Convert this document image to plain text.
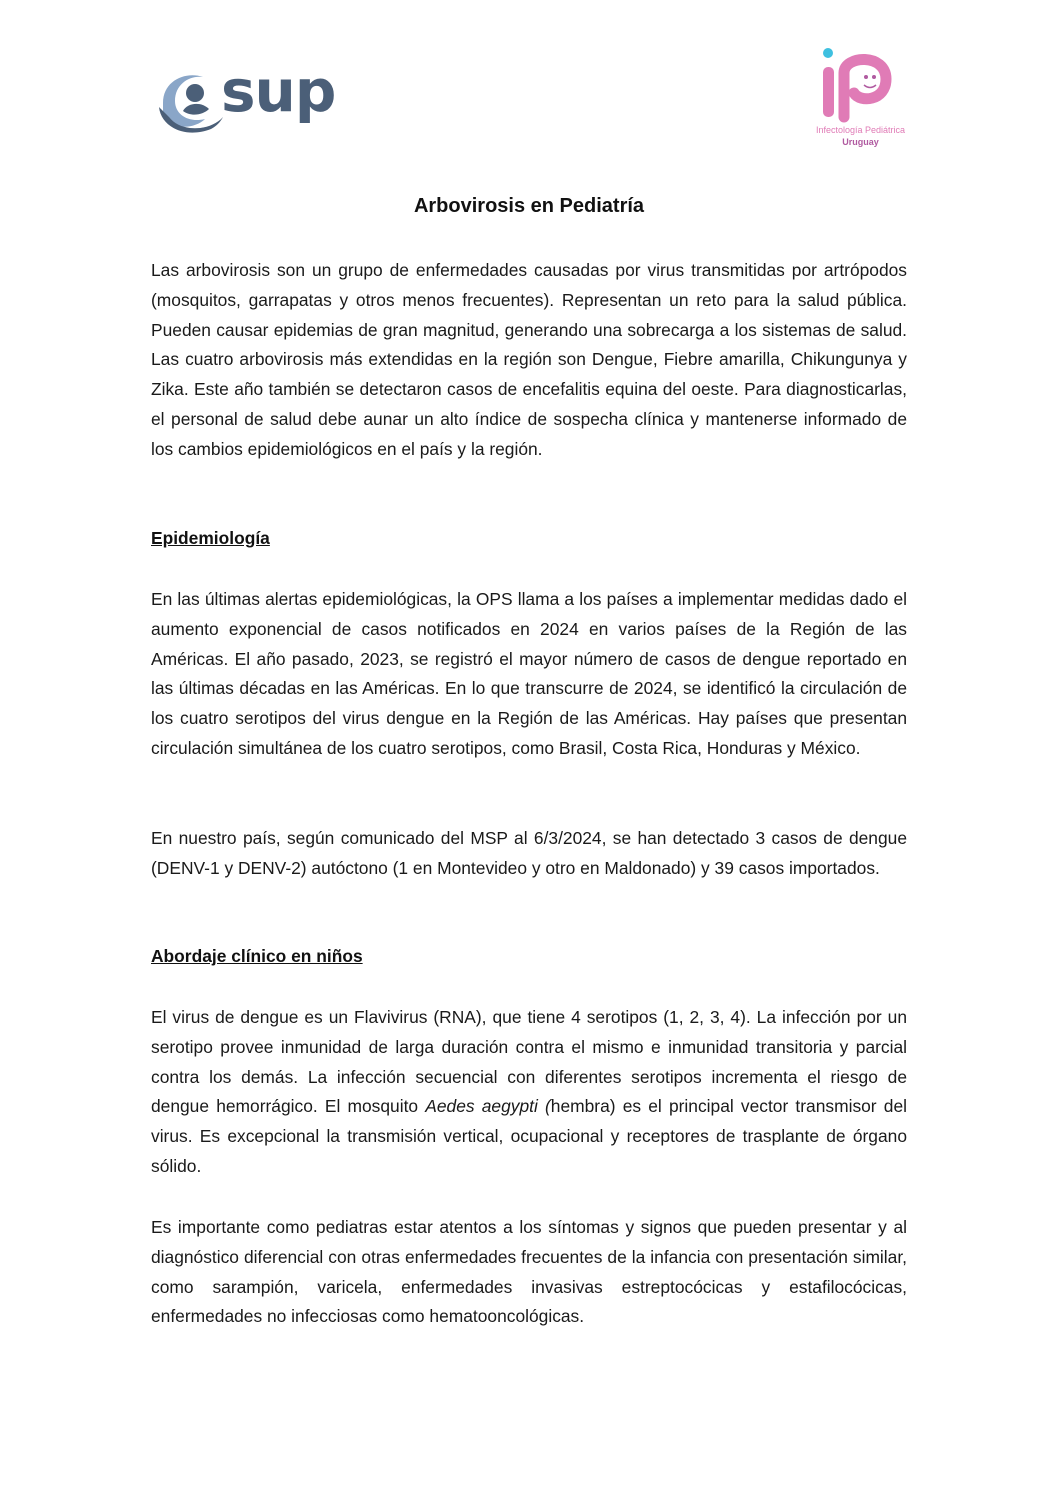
sup
Infectología Pediátrica
Uruguay
Arbovirosis en Pediatría
Las arbovirosis son un grupo de enfermedades causadas por virus transmitidas por artrópodos (mosquitos, garrapatas y otros menos frecuentes). Representan un reto para la salud pública. Pueden causar epidemias de gran magnitud, generando una sobrecarga a los sistemas de salud. Las cuatro arbovirosis más extendidas en la región son Dengue, Fiebre amarilla, Chikungunya y Zika. Este año también se detectaron casos de encefalitis equina del oeste. Para diagnosticarlas, el personal de salud debe aunar un alto índice de sospecha clínica y mantenerse informado de los cambios epidemiológicos en el país y la región.
Epidemiología
En las últimas alertas epidemiológicas, la OPS llama a los países a implementar medidas dado el aumento exponencial de casos notificados en 2024 en varios países de la Región de las Américas. El año pasado, 2023, se registró el mayor número de casos de dengue reportado en las últimas décadas en las Américas. En lo que transcurre de 2024, se identificó la circulación de los cuatro serotipos del virus dengue en la Región de las Américas. Hay países que presentan circulación simultánea de los cuatro serotipos, como Brasil, Costa Rica, Honduras y México.
En nuestro país, según comunicado del MSP al 6/3/2024, se han detectado 3 casos de dengue (DENV-1 y DENV-2) autóctono (1 en Montevideo y otro en Maldonado) y 39 casos importados.
Abordaje clínico en niños
El virus de dengue es un Flavivirus (RNA), que tiene 4 serotipos (1, 2, 3, 4). La infección por un serotipo provee inmunidad de larga duración contra el mismo e inmunidad transitoria y parcial contra los demás. La infección secuencial con diferentes serotipos incrementa el riesgo de dengue hemorrágico. El mosquito Aedes aegypti (hembra) es el principal vector transmisor del virus. Es excepcional la transmisión vertical, ocupacional y receptores de trasplante de órgano sólido.
Es importante como pediatras estar atentos a los síntomas y signos que pueden presentar y al diagnóstico diferencial con otras enfermedades frecuentes de la infancia con presentación similar, como sarampión, varicela, enfermedades invasivas estreptocócicas y estafilocócicas, enfermedades no infecciosas como hematooncológicas.
